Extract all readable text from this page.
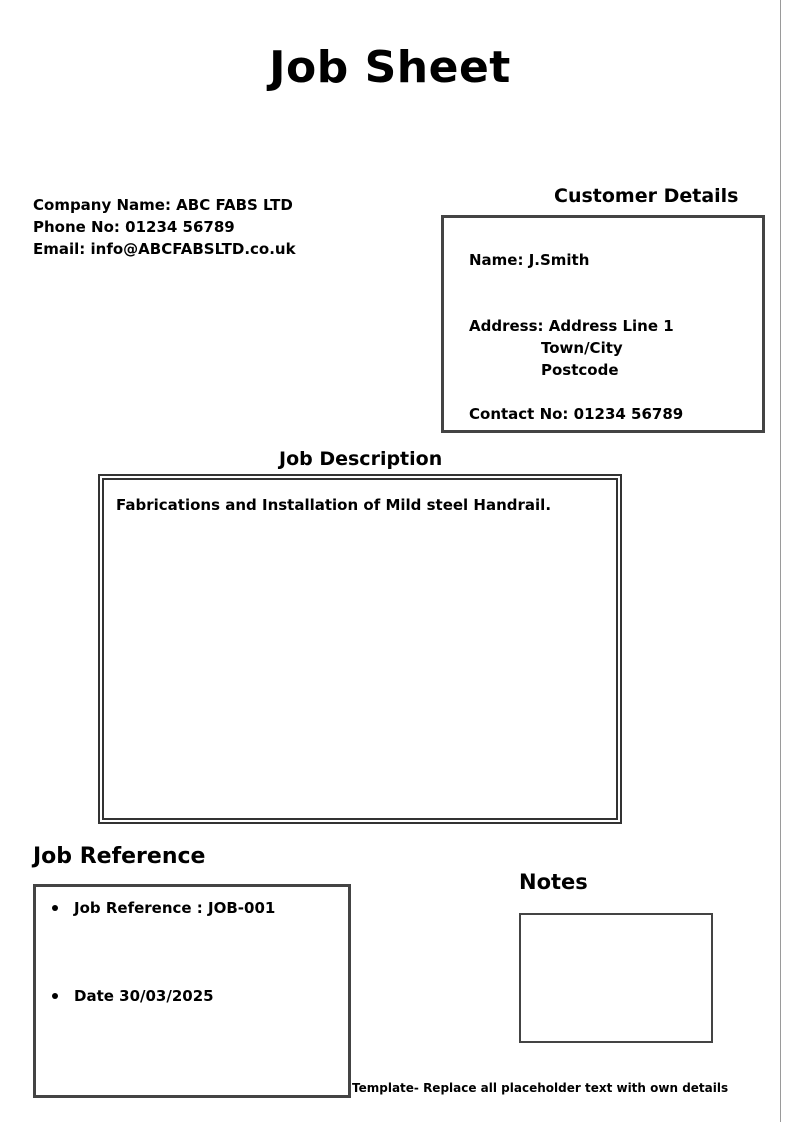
Job Sheet
Company Name: ABC FABS LTD
Phone No: 01234 56789
Email: info@ABCFABSLTD.co.uk
Customer Details
Name: J.Smith
Address: Address Line 1
Town/City
Postcode
Contact No: 01234 56789
Job Description
Fabrications and Installation of Mild steel Handrail.
Job Reference
Job Reference : JOB-001
Date 30/03/2025
Notes
Template- Replace all placeholder text with own details
